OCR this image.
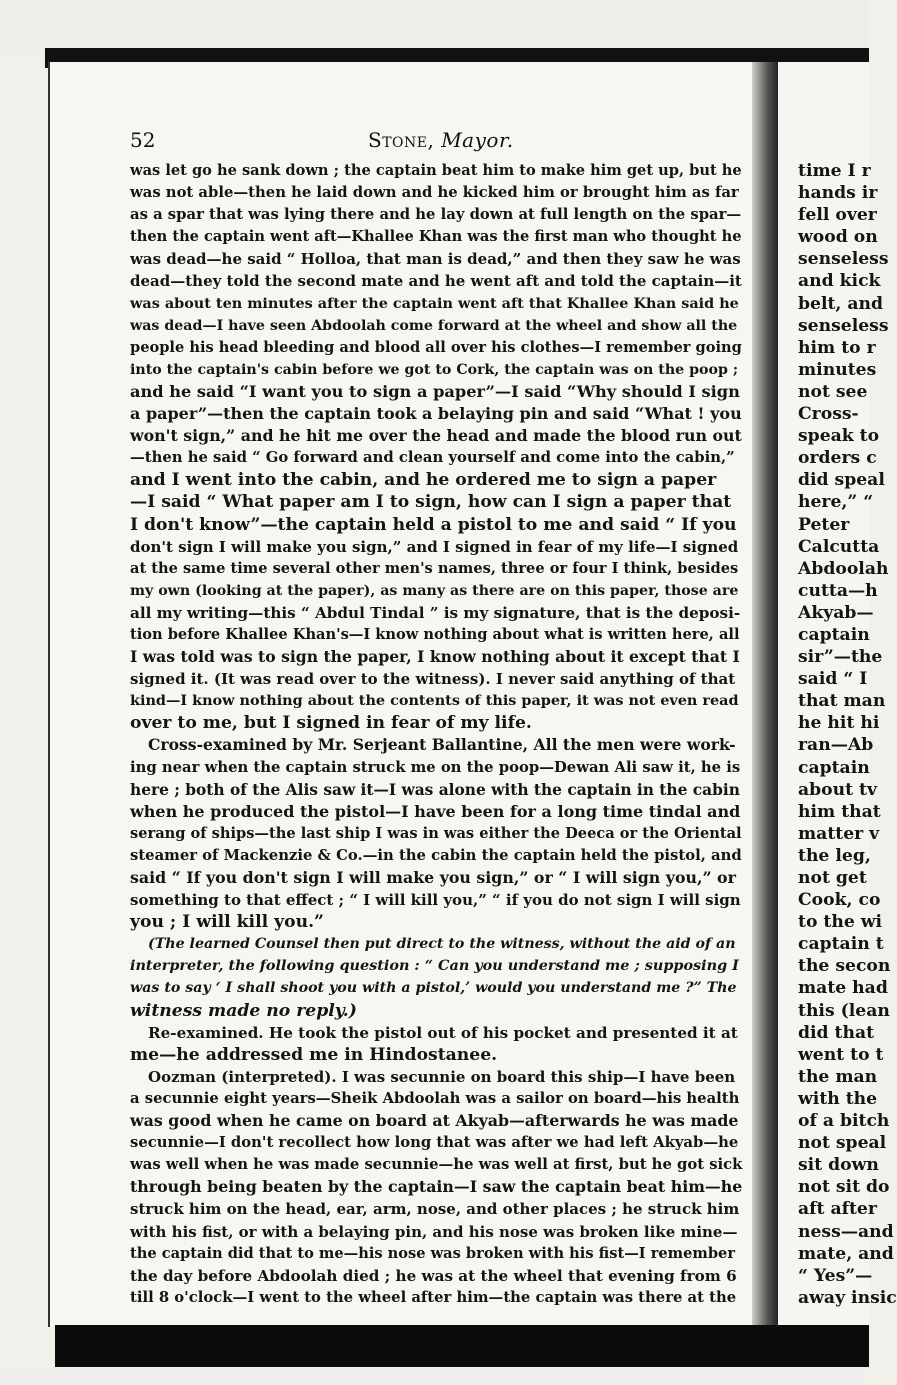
52	Stone, Mayor.
was let go he sank down ; the captain beat him to make him get up, but he
was not able—then he laid down and he kicked him or brought him as far
as a spar that was lying there and he lay down at full length on the spar—
then the captain went aft—Khallee Khan was the first man who thought he
was dead—he said “ Holloa, that man is dead,” and then they saw he was
dead—they told the second mate and he went aft and told the captain—it
was about ten minutes after the captain went aft that Khallee Khan said he
was dead—I have seen Abdoolah come forward at the wheel and show all the
people his head bleeding and blood all over his clothes—I remember going
into the captain's cabin before we got to Cork, the captain was on the poop ;
and he said “I want you to sign a paper”—I said “Why should I sign
a paper”—then the captain took a belaying pin and said “What ! you
won't sign,” and he hit me over the head and made the blood run out
—then he said “ Go forward and clean yourself and come into the cabin,”
and I went into the cabin, and he ordered me to sign a paper
—I said “ What paper am I to sign, how can I sign a paper that
I don't know”—the captain held a pistol to me and said “ If you
don't sign I will make you sign,” and I signed in fear of my life—I signed
at the same time several other men's names, three or four I think, besides
my own (looking at the paper), as many as there are on this paper, those are
all my writing—this “ Abdul Tindal ” is my signature, that is the deposi-
tion before Khallee Khan's—I know nothing about what is written here, all
I was told was to sign the paper, I know nothing about it except that I
signed it. (It was read over to the witness). I never said anything of that
kind—I know nothing about the contents of this paper, it was not even read
over to me, but I signed in fear of my life.
Cross-examined by Mr. Serjeant Ballantine, All the men were work-
ing near when the captain struck me on the poop—Dewan Ali saw it, he is
here ; both of the Alis saw it—I was alone with the captain in the cabin
when he produced the pistol—I have been for a long time tindal and
serang of ships—the last ship I was in was either the Deeca or the Oriental
steamer of Mackenzie & Co.—in the cabin the captain held the pistol, and
said “ If you don't sign I will make you sign,” or “ I will sign you,” or
something to that effect ; “ I will kill you,” “ if you do not sign I will sign
you ; I will kill you.”
(The learned Counsel then put direct to the witness, without the aid of an
interpreter, the following question : “ Can you understand me ; supposing I
was to say ‘ I shall shoot you with a pistol,’ would you understand me ?” The
witness made no reply.)
Re-examined. He took the pistol out of his pocket and presented it at
me—he addressed me in Hindostanee.
Oozman (interpreted). I was secunnie on board this ship—I have been
a secunnie eight years—Sheik Abdoolah was a sailor on board—his health
was good when he came on board at Akyab—afterwards he was made
secunnie—I don't recollect how long that was after we had left Akyab—he
was well when he was made secunnie—he was well at first, but he got sick
through being beaten by the captain—I saw the captain beat him—he
struck him on the head, ear, arm, nose, and other places ; he struck him
with his fist, or with a belaying pin, and his nose was broken like mine—
the captain did that to me—his nose was broken with his fist—I remember
the day before Abdoolah died ; he was at the wheel that evening from 6
till 8 o'clock—I went to the wheel after him—the captain was there at the
time I r
hands ir
fell over
wood on
senseless
and kick
belt, and
senseless
him to r
minutes
not see
Cross-
speak to
orders c
did speal
here,” “
Peter
Calcutta
Abdoolah
cutta—h
Akyab—
captain
sir”—the
said “ I
that man
he hit hi
ran—Ab
captain
about tv
him that
matter v
the leg,
not get
Cook, co
to the wi
captain t
the secon
mate had
this (lean
did that
went to t
the man
with the
of a bitch
not speal
sit down
not sit do
aft after
ness—and
mate, and
“ Yes”—
away insic
